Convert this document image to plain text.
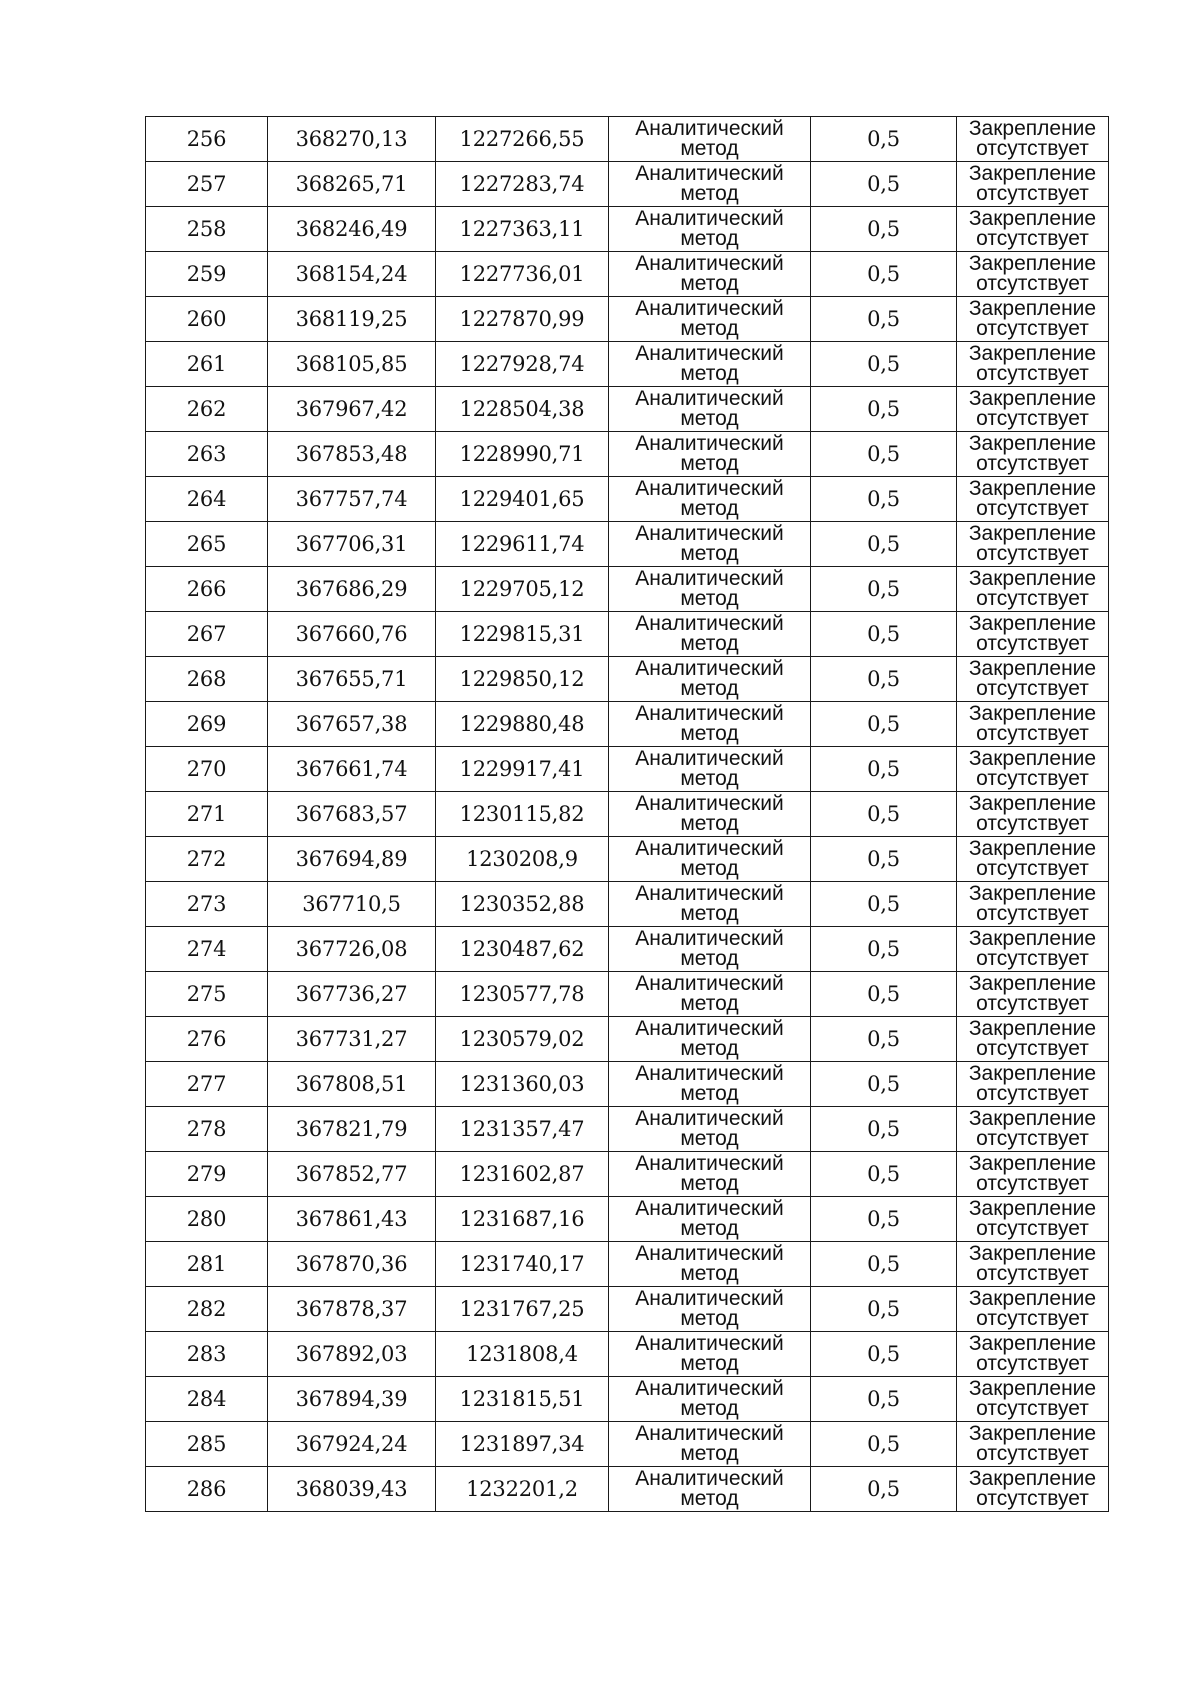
256	368270,13	1227266,55	Аналитический
метод	0,5	Закрепление
отсутствует

257	368265,71	1227283,74	Аналитический
метод	0,5	Закрепление
отсутствует

258	368246,49	1227363,11	Аналитический
метод	0,5	Закрепление
отсутствует

259	368154,24	1227736,01	Аналитический
метод	0,5	Закрепление
отсутствует

260	368119,25	1227870,99	Аналитический
метод	0,5	Закрепление
отсутствует

261	368105,85	1227928,74	Аналитический
метод	0,5	Закрепление
отсутствует

262	367967,42	1228504,38	Аналитический
метод	0,5	Закрепление
отсутствует

263	367853,48	1228990,71	Аналитический
метод	0,5	Закрепление
отсутствует

264	367757,74	1229401,65	Аналитический
метод	0,5	Закрепление
отсутствует

265	367706,31	1229611,74	Аналитический
метод	0,5	Закрепление
отсутствует

266	367686,29	1229705,12	Аналитический
метод	0,5	Закрепление
отсутствует

267	367660,76	1229815,31	Аналитический
метод	0,5	Закрепление
отсутствует

268	367655,71	1229850,12	Аналитический
метод	0,5	Закрепление
отсутствует

269	367657,38	1229880,48	Аналитический
метод	0,5	Закрепление
отсутствует

270	367661,74	1229917,41	Аналитический
метод	0,5	Закрепление
отсутствует

271	367683,57	1230115,82	Аналитический
метод	0,5	Закрепление
отсутствует

272	367694,89	1230208,9	Аналитический
метод	0,5	Закрепление
отсутствует

273	367710,5	1230352,88	Аналитический
метод	0,5	Закрепление
отсутствует

274	367726,08	1230487,62	Аналитический
метод	0,5	Закрепление
отсутствует

275	367736,27	1230577,78	Аналитический
метод	0,5	Закрепление
отсутствует

276	367731,27	1230579,02	Аналитический
метод	0,5	Закрепление
отсутствует

277	367808,51	1231360,03	Аналитический
метод	0,5	Закрепление
отсутствует

278	367821,79	1231357,47	Аналитический
метод	0,5	Закрепление
отсутствует

279	367852,77	1231602,87	Аналитический
метод	0,5	Закрепление
отсутствует

280	367861,43	1231687,16	Аналитический
метод	0,5	Закрепление
отсутствует

281	367870,36	1231740,17	Аналитический
метод	0,5	Закрепление
отсутствует

282	367878,37	1231767,25	Аналитический
метод	0,5	Закрепление
отсутствует

283	367892,03	1231808,4	Аналитический
метод	0,5	Закрепление
отсутствует

284	367894,39	1231815,51	Аналитический
метод	0,5	Закрепление
отсутствует

285	367924,24	1231897,34	Аналитический
метод	0,5	Закрепление
отсутствует

286	368039,43	1232201,2	Аналитический
метод	0,5	Закрепление
отсутствует
